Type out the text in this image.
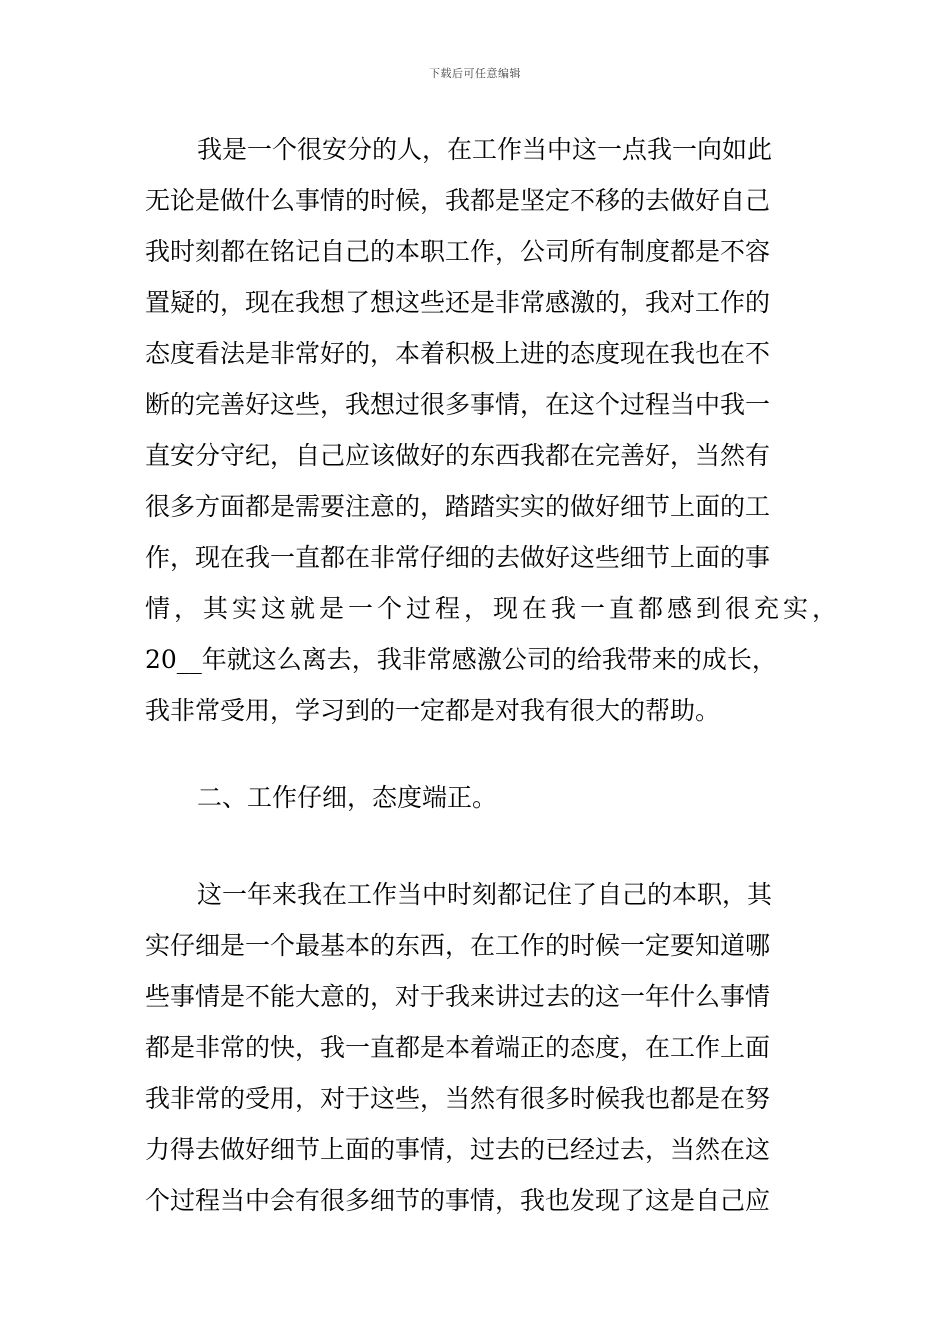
下载后可任意编辑
我是一个很安分的人，在工作当中这一点我一向如此
无论是做什么事情的时候，我都是坚定不移的去做好自己
我时刻都在铭记自己的本职工作，公司所有制度都是不容
置疑的，现在我想了想这些还是非常感激的，我对工作的
态度看法是非常好的，本着积极上进的态度现在我也在不
断的完善好这些，我想过很多事情，在这个过程当中我一
直安分守纪，自己应该做好的东西我都在完善好，当然有
很多方面都是需要注意的，踏踏实实的做好细节上面的工
作，现在我一直都在非常仔细的去做好这些细节上面的事
情，其实这就是一个过程，现在我一直都感到很充实，
20__年就这么离去，我非常感激公司的给我带来的成长，
我非常受用，学习到的一定都是对我有很大的帮助。
二、工作仔细，态度端正。
这一年来我在工作当中时刻都记住了自己的本职，其
实仔细是一个最基本的东西，在工作的时候一定要知道哪
些事情是不能大意的，对于我来讲过去的这一年什么事情
都是非常的快，我一直都是本着端正的态度，在工作上面
我非常的受用，对于这些，当然有很多时候我也都是在努
力得去做好细节上面的事情，过去的已经过去，当然在这
个过程当中会有很多细节的事情，我也发现了这是自己应
